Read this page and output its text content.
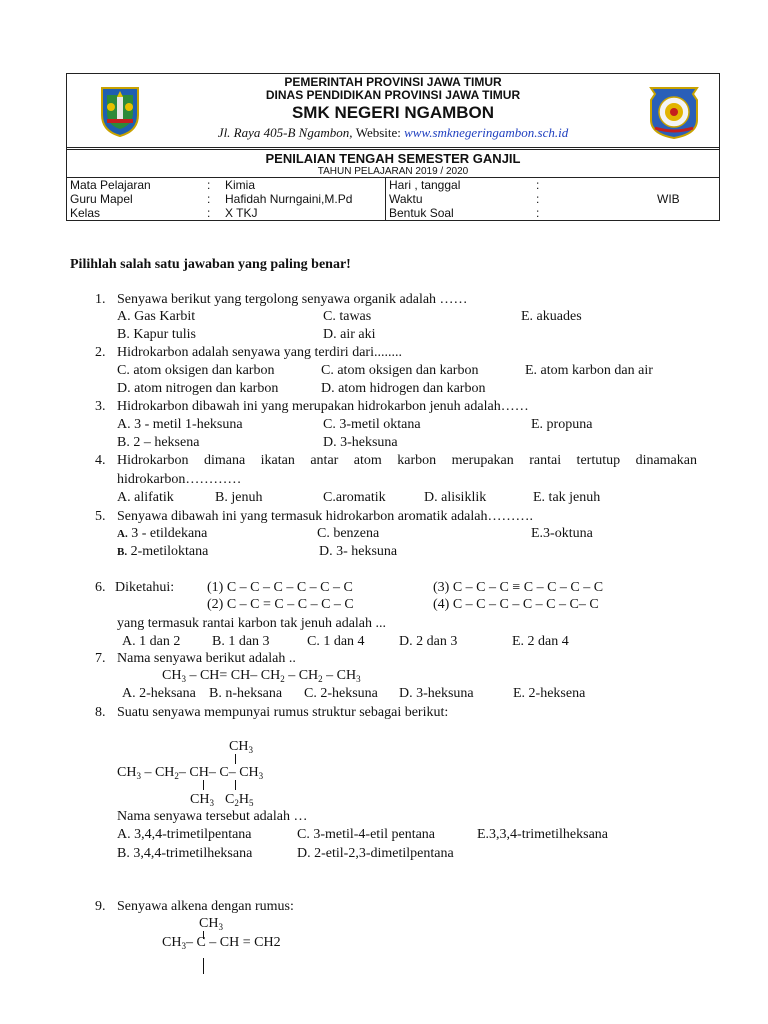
PEMERINTAH PROVINSI JAWA TIMUR
DINAS PENDIDIKAN PROVINSI JAWA TIMUR
SMK NEGERI NGAMBON
Jl. Raya 405-B Ngambon, Website: www.smknegeringambon.sch.id
PENILAIAN TENGAH SEMESTER GANJIL
TAHUN PELAJARAN 2019 / 2020
Mata Pelajaran	: Kimia
Guru Mapel	: Hafidah Nurngaini,M.Pd
Kelas	: X TKJ
Hari , tanggal	:
Waktu	:	WIB
Bentuk Soal	:
Pilihlah salah satu jawaban yang paling benar!
1. Senyawa berikut yang tergolong senyawa organik adalah ……
A. Gas Karbit	C. tawas	E. akuades
B. Kapur tulis	D. air aki
2. Hidrokarbon adalah senyawa yang terdiri dari........
C. atom oksigen dan karbon	C. atom oksigen dan karbon	E. atom karbon dan air
D. atom nitrogen dan karbon	D. atom hidrogen dan karbon
3. Hidrokarbon dibawah ini yang merupakan hidrokarbon jenuh adalah……
A. 3 - metil 1-heksuna	C. 3-metil oktana	E. propuna
B. 2 – heksena	D. 3-heksuna
4. Hidrokarbon dimana ikatan antar atom karbon merupakan rantai tertutup dinamakan
hidrokarbon…………
A. alifatik	B. jenuh	C.aromatik	D. alisiklik	E. tak jenuh
5. Senyawa dibawah ini yang termasuk hidrokarbon aromatik adalah……….
A. 3 - etildekana	C. benzena	E.3-oktuna
B. 2-metiloktana	D. 3- heksuna
6. Diketahui: (1) C – C – C – C – C – C	(3) C – C – C ≡ C – C – C – C
(2) C – C = C – C – C – C	(4) C – C – C – C – C – C– C
yang termasuk rantai karbon tak jenuh adalah ...
A. 1 dan 2 B. 1 dan 3	C. 1 dan 4 D. 2 dan 3	E. 2 dan 4
7. Nama senyawa berikut adalah ..
$CH_3 - CH= CH-$ $CH_2 - CH_2 - CH_3$
A. 2-heksana B. n-heksana C. 2-heksuna D. 3-heksuna	E. 2-heksena
8. Suatu senyawa mempunyai rumus struktur sebagai berikut:
$CH_3$
$CH_3 - CH_2-$ CH– C– $CH_3$
$CH_3$ $C_2H_5$
Nama senyawa tersebut adalah …
A. 3,4,4-trimetilpentana	C. 3-metil-4-etil pentana	E.3,3,4-trimetilheksana
B. 3,4,4-trimetilheksana	D. 2-etil-2,3-dimetilpentana
9. Senyawa alkena dengan rumus:
$CH_3$
$CH_3-$ C – CH = CH2
